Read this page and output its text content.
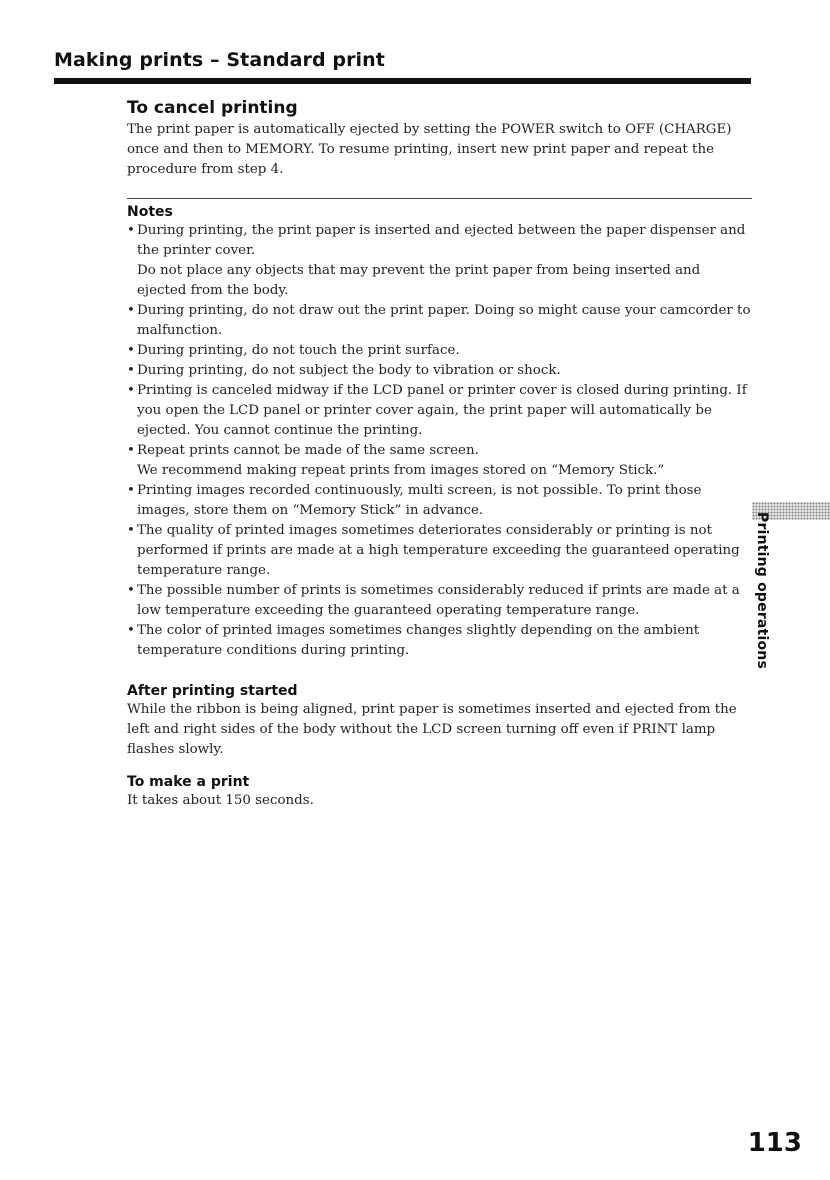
Making prints – Standard print
To cancel printing

The print paper is automatically ejected by setting the POWER switch to OFF (CHARGE) once and then to MEMORY. To resume printing, insert new print paper and repeat the procedure from step 4.

Notes
• During printing, the print paper is inserted and ejected between the paper dispenser and the printer cover.
Do not place any objects that may prevent the print paper from being inserted and ejected from the body.
• During printing, do not draw out the print paper. Doing so might cause your camcorder to malfunction.
• During printing, do not touch the print surface.
• During printing, do not subject the body to vibration or shock.
• Printing is canceled midway if the LCD panel or printer cover is closed during printing. If you open the LCD panel or printer cover again, the print paper will automatically be ejected. You cannot continue the printing.
• Repeat prints cannot be made of the same screen.
We recommend making repeat prints from images stored on “Memory Stick.”
• Printing images recorded continuously, multi screen, is not possible. To print those images, store them on “Memory Stick” in advance.
• The quality of printed images sometimes deteriorates considerably or printing is not performed if prints are made at a high temperature exceeding the guaranteed operating temperature range.
• The possible number of prints is sometimes considerably reduced if prints are made at a low temperature exceeding the guaranteed operating temperature range.
• The color of printed images sometimes changes slightly depending on the ambient temperature conditions during printing.
After printing started

While the ribbon is being aligned, print paper is sometimes inserted and ejected from the left and right sides of the body without the LCD screen turning off even if PRINT lamp flashes slowly.

To make a print

It takes about 150 seconds.

Printing operations
113
